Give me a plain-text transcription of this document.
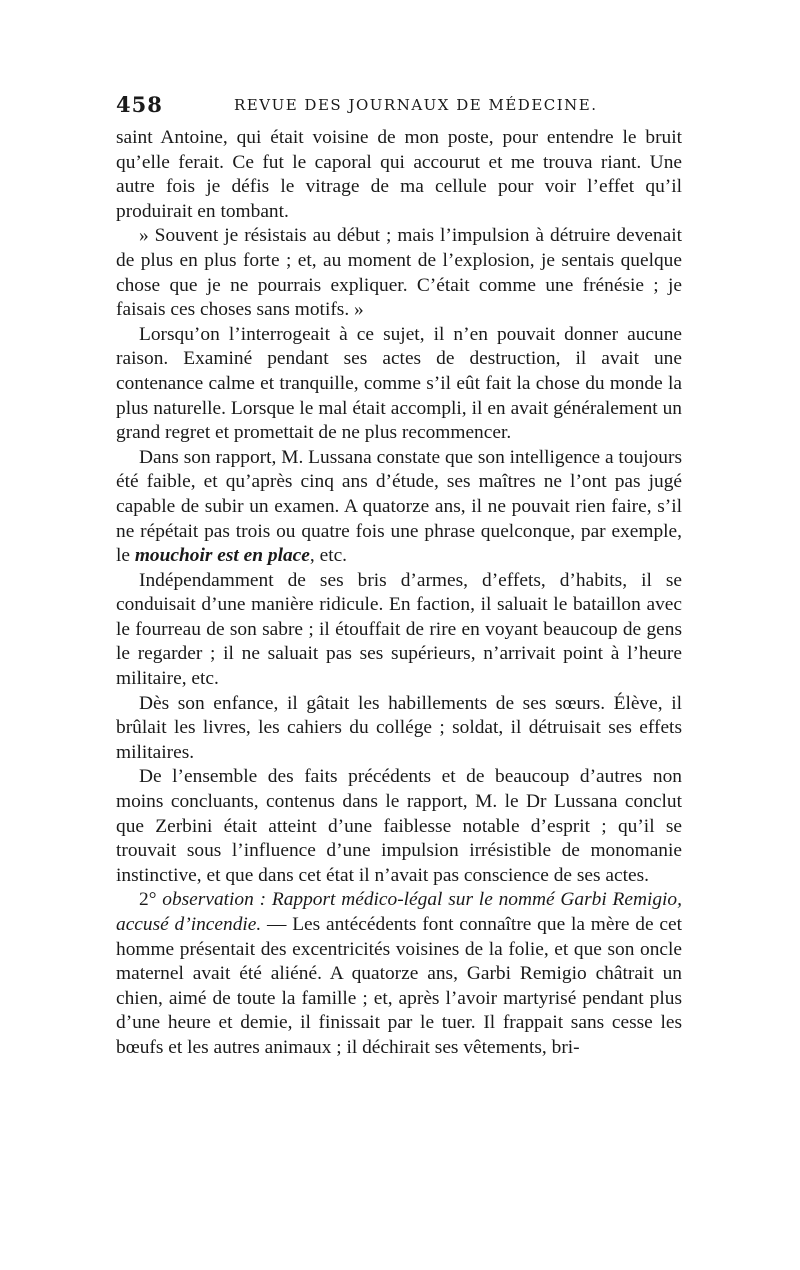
458	REVUE DES JOURNAUX DE MÉDECINE.

saint Antoine, qui était voisine de mon poste, pour entendre le bruit qu’elle ferait. Ce fut le caporal qui accourut et me trouva riant. Une autre fois je défis le vitrage de ma cellule pour voir l’effet qu’il produirait en tombant.

» Souvent je résistais au début ; mais l’impulsion à détruire devenait de plus en plus forte ; et, au moment de l’explosion, je sentais quelque chose que je ne pourrais expliquer. C’était comme une frénésie ; je faisais ces choses sans motifs. »

Lorsqu’on l’interrogeait à ce sujet, il n’en pouvait donner aucune raison. Examiné pendant ses actes de destruction, il avait une contenance calme et tranquille, comme s’il eût fait la chose du monde la plus naturelle. Lorsque le mal était accompli, il en avait généralement un grand regret et promettait de ne plus recommencer.

Dans son rapport, M. Lussana constate que son intelligence a toujours été faible, et qu’après cinq ans d’étude, ses maîtres ne l’ont pas jugé capable de subir un examen. A quatorze ans, il ne pouvait rien faire, s’il ne répétait pas trois ou quatre fois une phrase quelconque, par exemple, le mouchoir est en place, etc.

Indépendamment de ses bris d’armes, d’effets, d’habits, il se conduisait d’une manière ridicule. En faction, il saluait le bataillon avec le fourreau de son sabre ; il étouffait de rire en voyant beaucoup de gens le regarder ; il ne saluait pas ses supérieurs, n’arrivait point à l’heure militaire, etc.

Dès son enfance, il gâtait les habillements de ses sœurs. Élève, il brûlait les livres, les cahiers du collége ; soldat, il détruisait ses effets militaires.

De l’ensemble des faits précédents et de beaucoup d’autres non moins concluants, contenus dans le rapport, M. le Dr Lussana conclut que Zerbini était atteint d’une faiblesse notable d’esprit ; qu’il se trouvait sous l’influence d’une impulsion irrésistible de monomanie instinctive, et que dans cet état il n’avait pas conscience de ses actes.

2° observation : Rapport médico-légal sur le nommé Garbi Remigio, accusé d’incendie. — Les antécédents font connaître que la mère de cet homme présentait des excentricités voisines de la folie, et que son oncle maternel avait été aliéné. A quatorze ans, Garbi Remigio châtrait un chien, aimé de toute la famille ; et, après l’avoir martyrisé pendant plus d’une heure et demie, il finissait par le tuer. Il frappait sans cesse les bœufs et les autres animaux ; il déchirait ses vêtements, bri-
